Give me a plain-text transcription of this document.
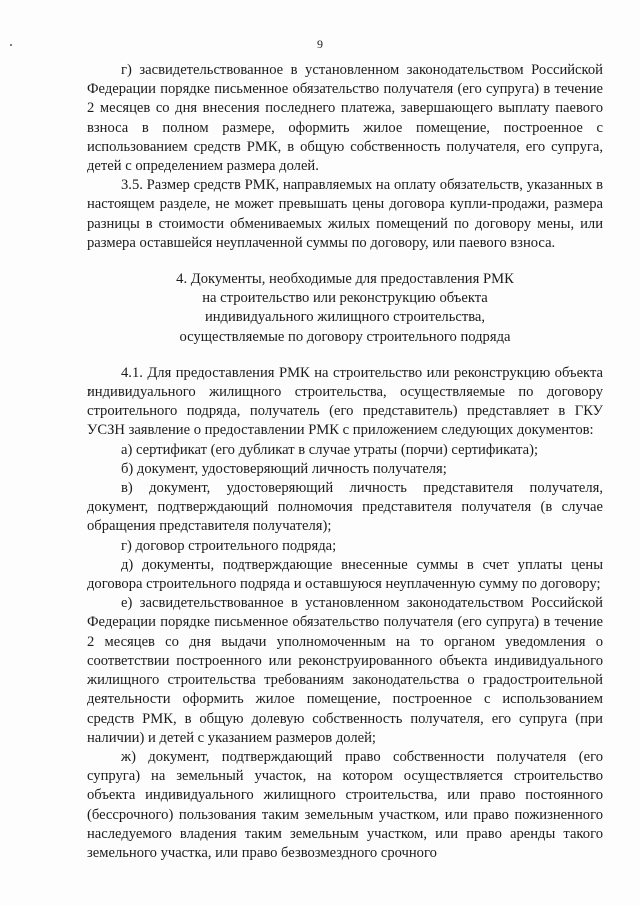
9

г) засвидетельствованное в установленном законодательством Российской Федерации порядке письменное обязательство получателя (его супруга) в течение 2 месяцев со дня внесения последнего платежа, завершающего выплату паевого взноса в полном размере, оформить жилое помещение, построенное с использованием средств РМК, в общую собственность получателя, его супруга, детей с определением размера долей.

3.5. Размер средств РМК, направляемых на оплату обязательств, указанных в настоящем разделе, не может превышать цены договора купли-продажи, размера разницы в стоимости обмениваемых жилых помещений по договору мены, или размера оставшейся неуплаченной суммы по договору, или паевого взноса.

4. Документы, необходимые для предоставления РМК
на строительство или реконструкцию объекта
индивидуального жилищного строительства,
осуществляемые по договору строительного подряда

4.1. Для предоставления РМК на строительство или реконструкцию объекта индивидуального жилищного строительства, осуществляемые по договору строительного подряда, получатель (его представитель) представляет в ГКУ УСЗН заявление о предоставлении РМК с приложением следующих документов:

а) сертификат (его дубликат в случае утраты (порчи) сертификата);

б) документ, удостоверяющий личность получателя;

в) документ, удостоверяющий личность представителя получателя, документ, подтверждающий полномочия представителя получателя (в случае обращения представителя получателя);

г) договор строительного подряда;

д) документы, подтверждающие внесенные суммы в счет уплаты цены договора строительного подряда и оставшуюся неуплаченную сумму по договору;

е) засвидетельствованное в установленном законодательством Российской Федерации порядке письменное обязательство получателя (его супруга) в течение 2 месяцев со дня выдачи уполномоченным на то органом уведомления о соответствии построенного или реконструированного объекта индивидуального жилищного строительства требованиям законодательства о градостроительной деятельности оформить жилое помещение, построенное с использованием средств РМК, в общую долевую собственность получателя, его супруга (при наличии) и детей с указанием размеров долей;

ж) документ, подтверждающий право собственности получателя (его супруга) на земельный участок, на котором осуществляется строительство объекта индивидуального жилищного строительства, или право постоянного (бессрочного) пользования таким земельным участком, или право пожизненного наследуемого владения таким земельным участком, или право аренды такого земельного участка, или право безвозмездного срочного
